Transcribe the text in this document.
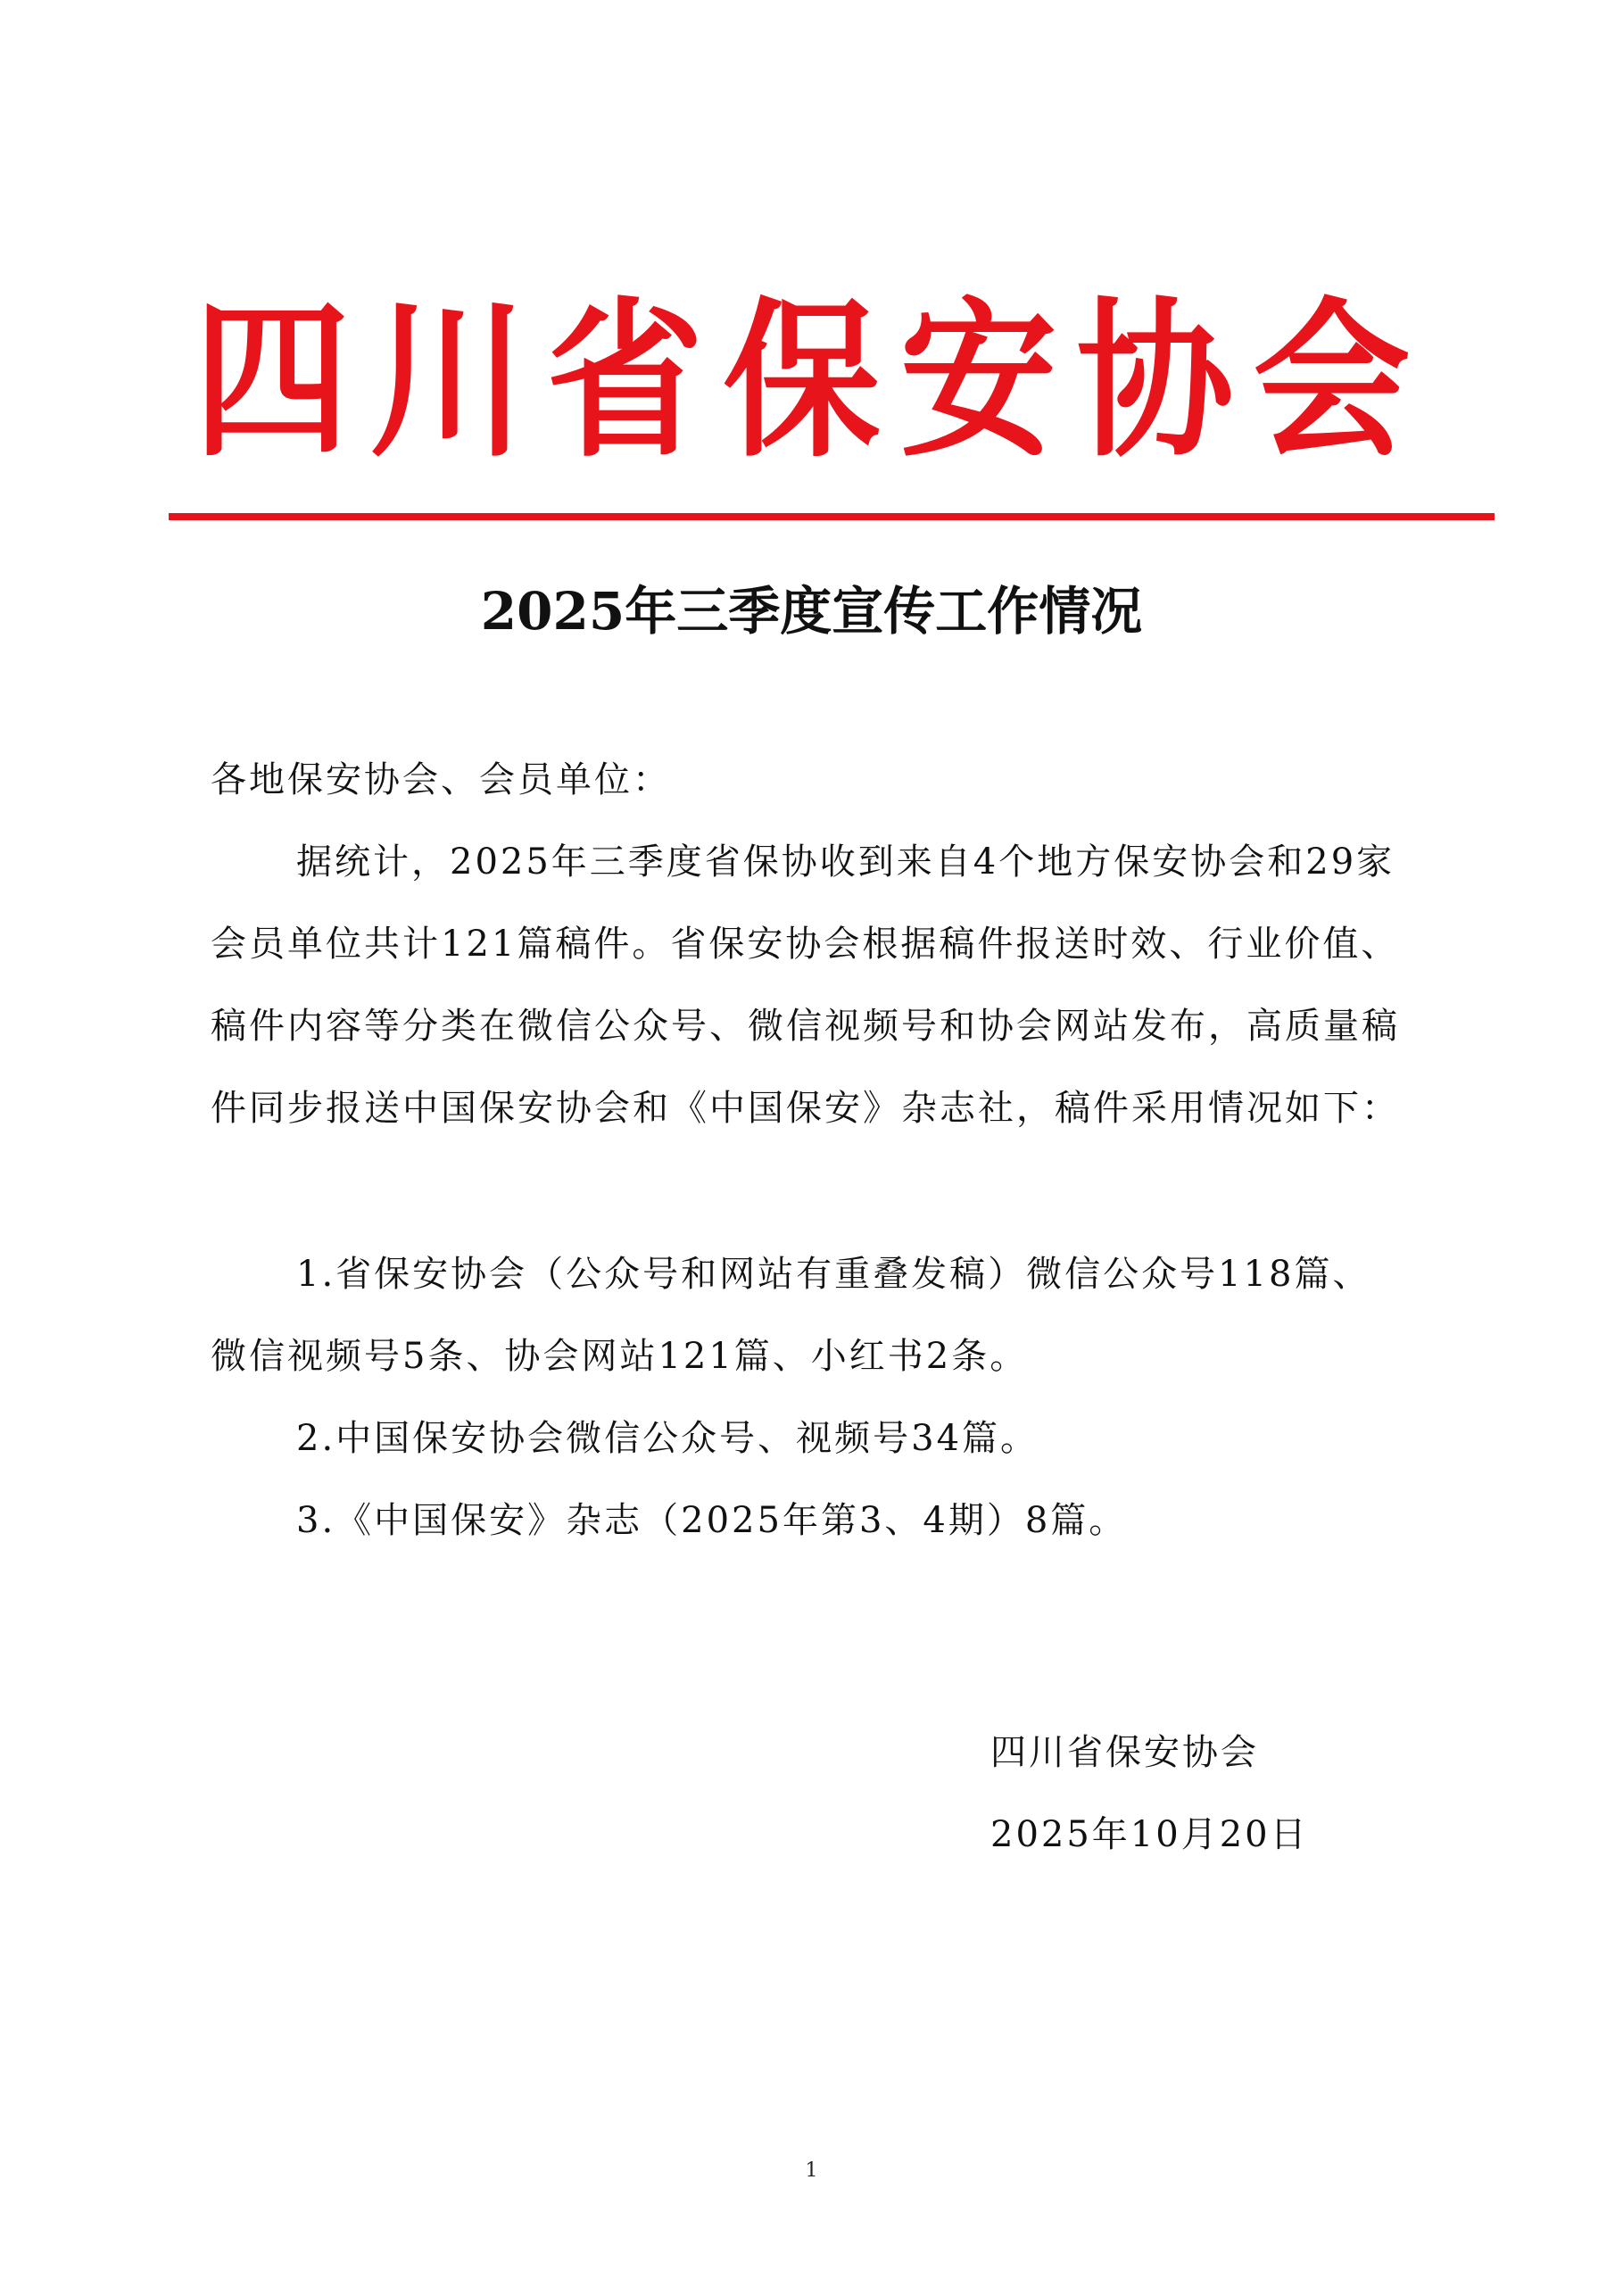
四川省保安协会
2025年三季度宣传工作情况
各地保安协会、会员单位：
据统计，2025年三季度省保协收到来自4个地方保安协会和29家会员单位共计121篇稿件。省保安协会根据稿件报送时效、行业价值、稿件内容等分类在微信公众号、微信视频号和协会网站发布，高质量稿件同步报送中国保安协会和《中国保安》杂志社，稿件采用情况如下：
1.省保安协会（公众号和网站有重叠发稿）微信公众号118篇、微信视频号5条、协会网站121篇、小红书2条。
2.中国保安协会微信公众号、视频号34篇。
3.《中国保安》杂志（2025年第3、4期）8篇。
四川省保安协会
2025年10月20日
1
